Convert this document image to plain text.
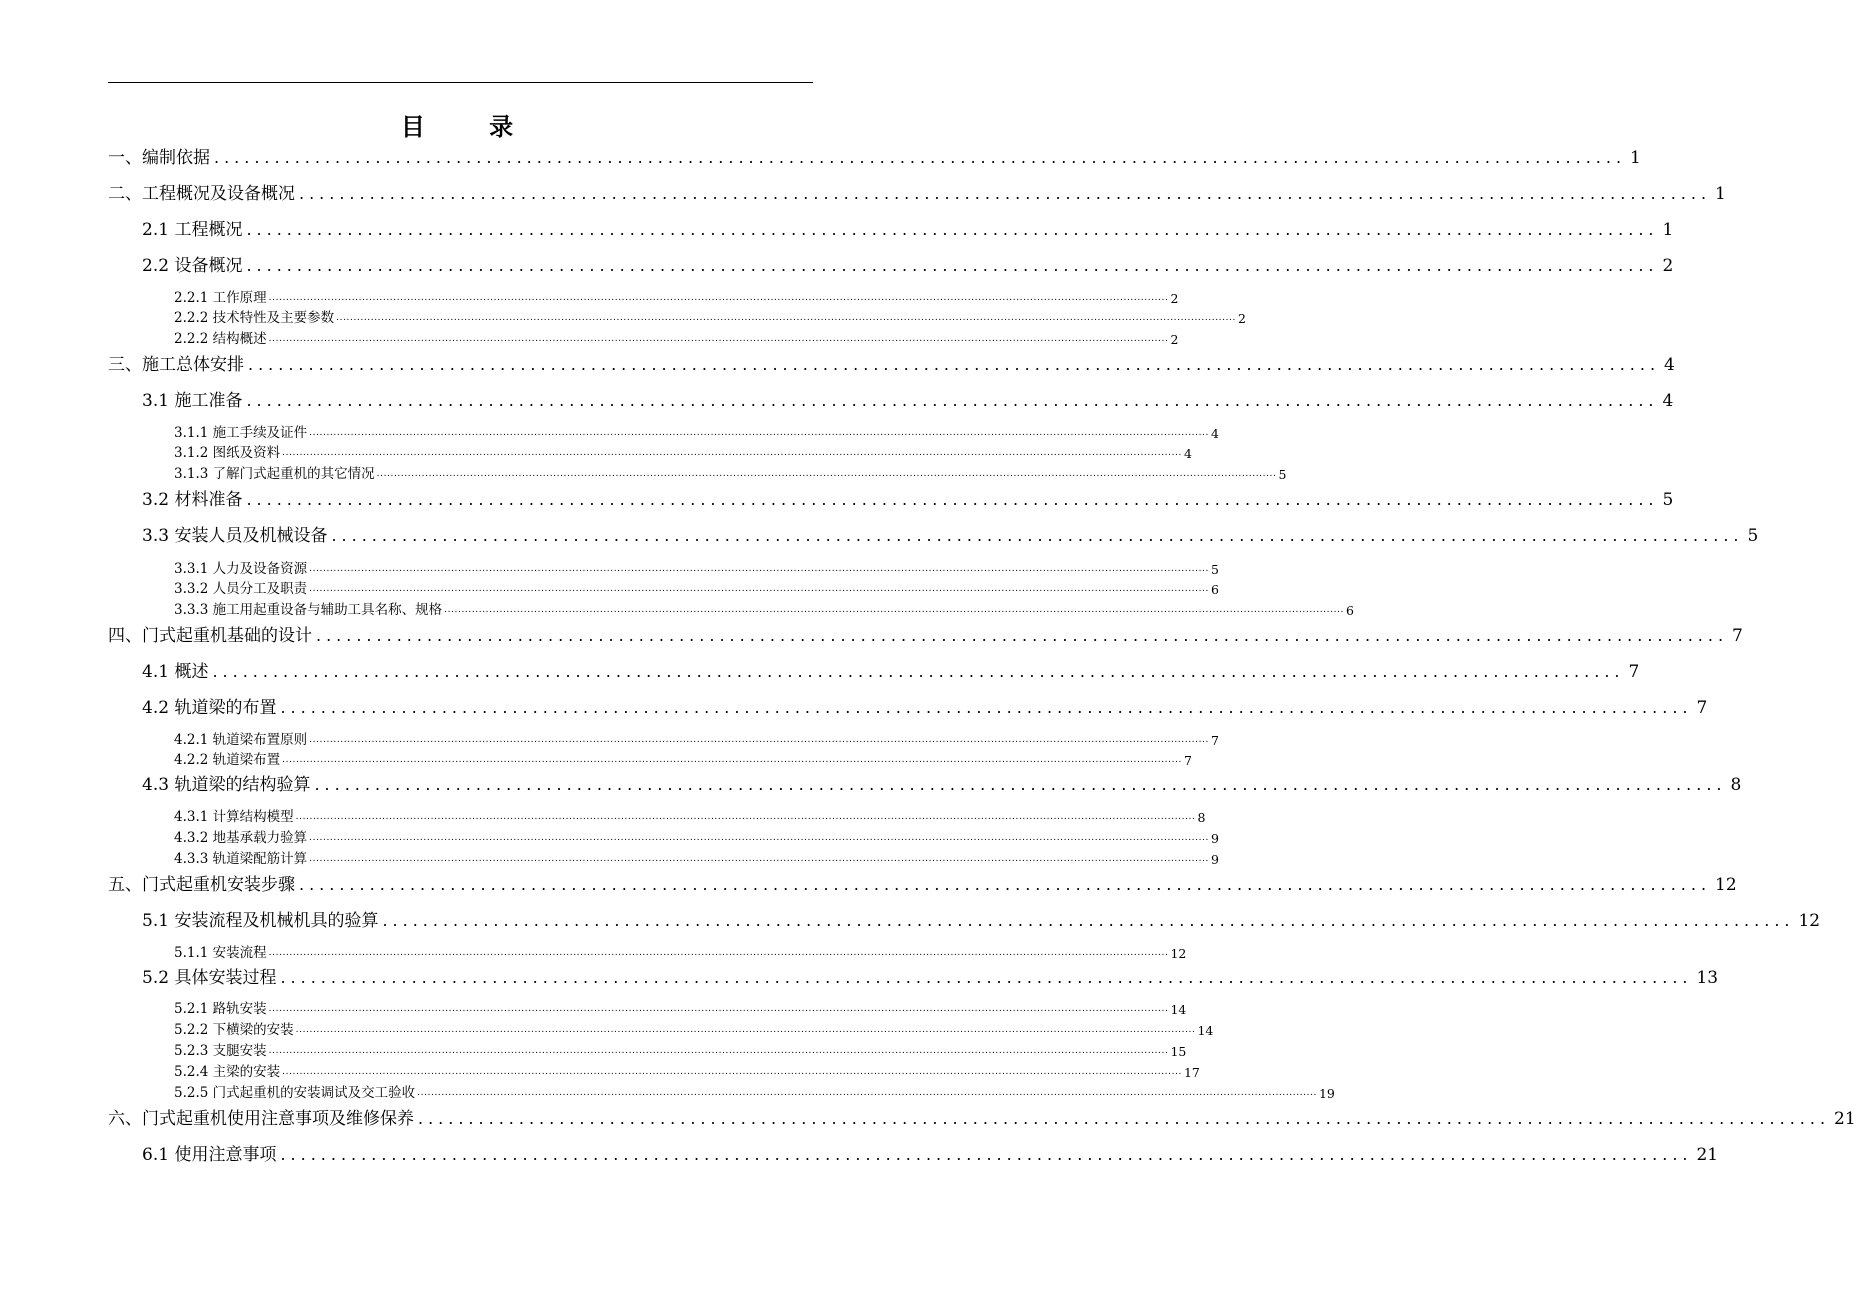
目 录
一、编制依据 ............................................................................................................................................ 1
二、工程概况及设备概况 ............................................................................................................................................ 1
2.1 工程概况 ............................................................................................................................................ 1
2.2 设备概况 ............................................................................................................................................ 2
2.2.1 工作原理 .................................................................................................................................................................................................................................................................... 2
2.2.2 技术特性及主要参数 .................................................................................................................................................................................................................................................................... 2
2.2.2 结构概述 .................................................................................................................................................................................................................................................................... 2
三、施工总体安排 ............................................................................................................................................ 4
3.1 施工准备 ............................................................................................................................................ 4
3.1.1 施工手续及证件 .................................................................................................................................................................................................................................................................... 4
3.1.2 图纸及资料 .................................................................................................................................................................................................................................................................... 4
3.1.3 了解门式起重机的其它情况 .................................................................................................................................................................................................................................................................... 5
3.2 材料准备 ............................................................................................................................................ 5
3.3 安装人员及机械设备 ............................................................................................................................................ 5
3.3.1 人力及设备资源 .................................................................................................................................................................................................................................................................... 5
3.3.2 人员分工及职责 .................................................................................................................................................................................................................................................................... 6
3.3.3 施工用起重设备与辅助工具名称、规格 .................................................................................................................................................................................................................................................................... 6
四、门式起重机基础的设计 ............................................................................................................................................ 7
4.1 概述 ............................................................................................................................................ 7
4.2 轨道梁的布置 ............................................................................................................................................ 7
4.2.1 轨道梁布置原则 .................................................................................................................................................................................................................................................................... 7
4.2.2 轨道梁布置 .................................................................................................................................................................................................................................................................... 7
4.3 轨道梁的结构验算 ............................................................................................................................................ 8
4.3.1 计算结构模型 .................................................................................................................................................................................................................................................................... 8
4.3.2 地基承载力验算 .................................................................................................................................................................................................................................................................... 9
4.3.3 轨道梁配筋计算 .................................................................................................................................................................................................................................................................... 9
五、门式起重机安装步骤 ............................................................................................................................................ 12
5.1 安装流程及机械机具的验算 ............................................................................................................................................ 12
5.1.1 安装流程 .................................................................................................................................................................................................................................................................... 12
5.2 具体安装过程 ............................................................................................................................................ 13
5.2.1 路轨安装 .................................................................................................................................................................................................................................................................... 14
5.2.2 下横梁的安装 .................................................................................................................................................................................................................................................................... 14
5.2.3 支腿安装 .................................................................................................................................................................................................................................................................... 15
5.2.4 主梁的安装 .................................................................................................................................................................................................................................................................... 17
5.2.5 门式起重机的安装调试及交工验收 .................................................................................................................................................................................................................................................................... 19
六、门式起重机使用注意事项及维修保养 ............................................................................................................................................ 21
6.1 使用注意事项 ............................................................................................................................................ 21
